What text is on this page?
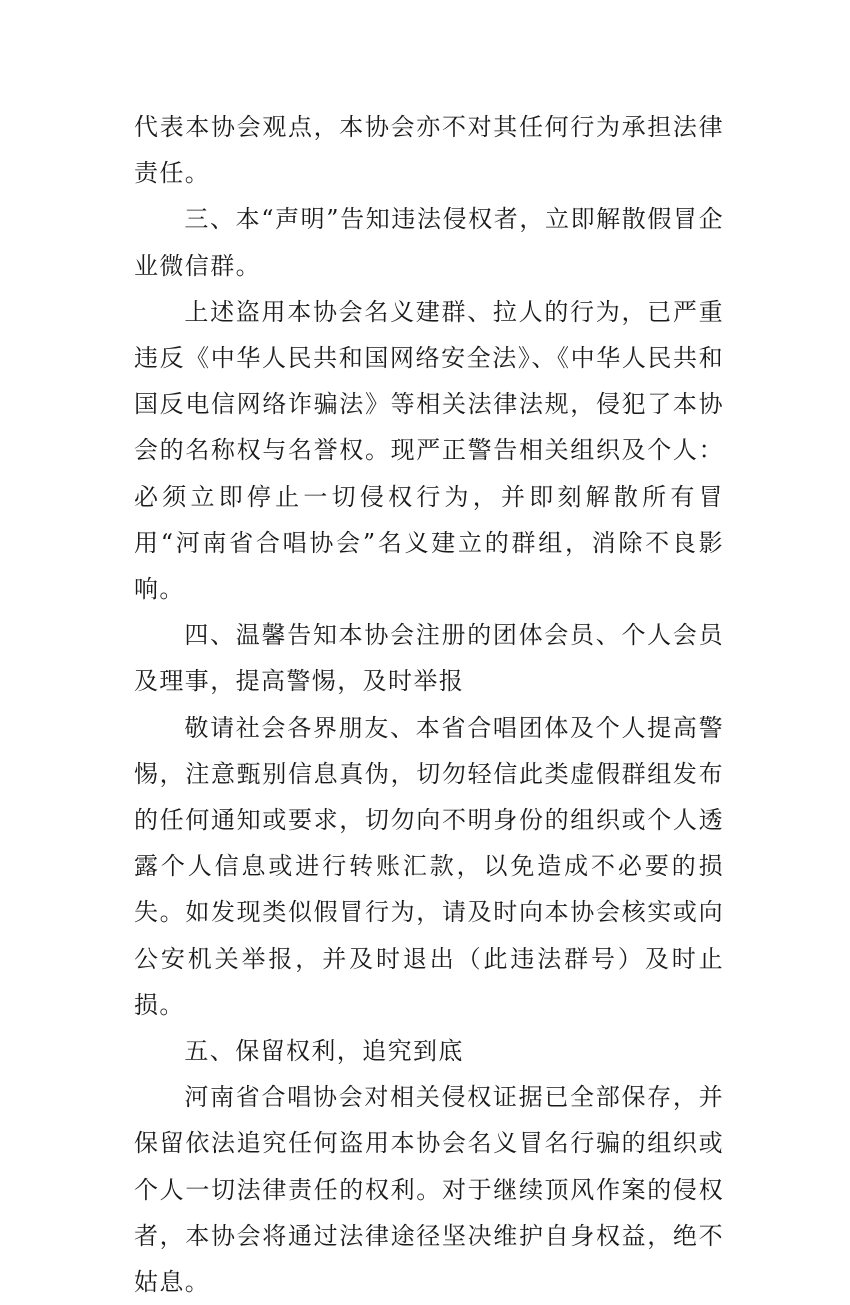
代表本协会观点，本协会亦不对其任何行为承担法律责任。

三、本“声明”告知违法侵权者，立即解散假冒企业微信群。

上述盗用本协会名义建群、拉人的行为，已严重违反《中华人民共和国网络安全法》、《中华人民共和国反电信网络诈骗法》等相关法律法规，侵犯了本协会的名称权与名誉权。现严正警告相关组织及个人：必须立即停止一切侵权行为，并即刻解散所有冒用“河南省合唱协会”名义建立的群组，消除不良影响。

四、温馨告知本协会注册的团体会员、个人会员及理事，提高警惕，及时举报

敬请社会各界朋友、本省合唱团体及个人提高警惕，注意甄别信息真伪，切勿轻信此类虚假群组发布的任何通知或要求，切勿向不明身份的组织或个人透露个人信息或进行转账汇款，以免造成不必要的损失。如发现类似假冒行为，请及时向本协会核实或向公安机关举报，并及时退出（此违法群号）及时止损。

五、保留权利，追究到底

河南省合唱协会对相关侵权证据已全部保存，并保留依法追究任何盗用本协会名义冒名行骗的组织或个人一切法律责任的权利。对于继续顶风作案的侵权者，本协会将通过法律途径坚决维护自身权益，绝不姑息。
